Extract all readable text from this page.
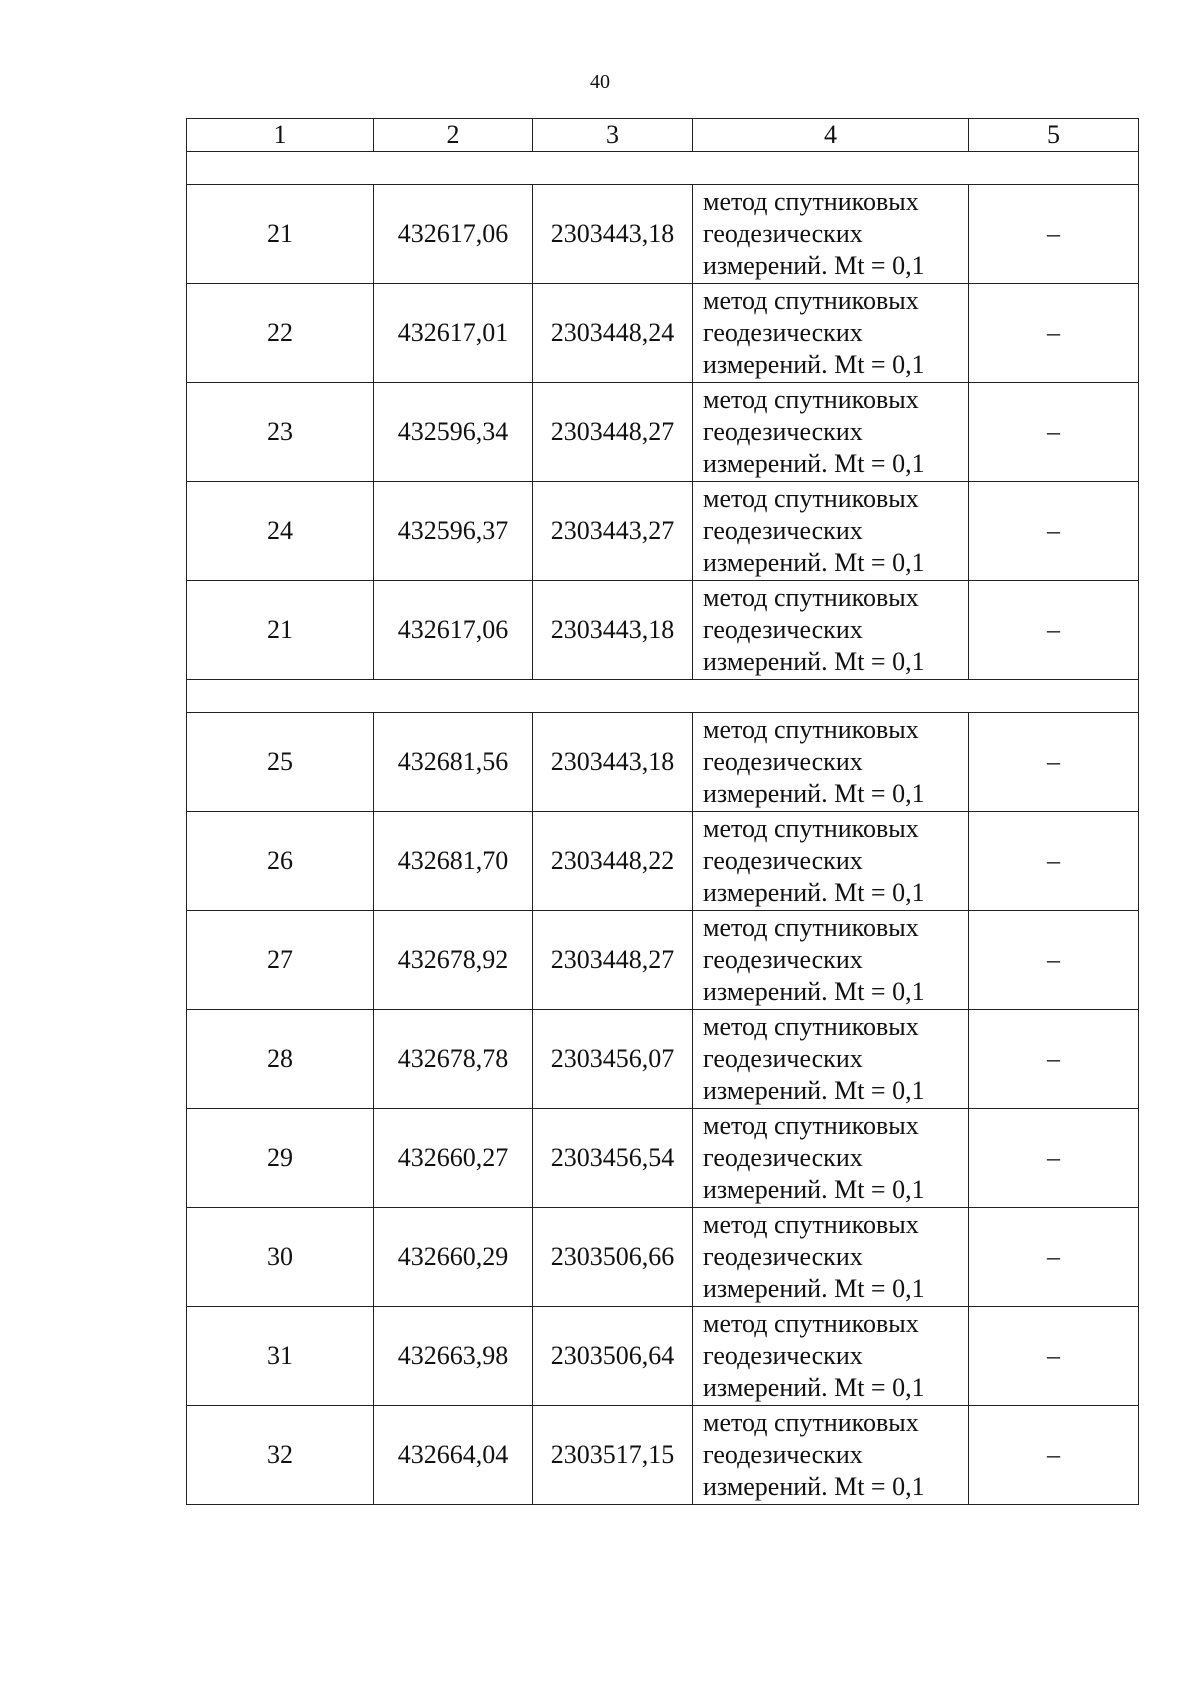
40
1	2	3	4	5

21	432617,06	2303443,18	метод спутниковых
геодезических
измерений. Mt = 0,1	–
22	432617,01	2303448,24	метод спутниковых
геодезических
измерений. Mt = 0,1	–
23	432596,34	2303448,27	метод спутниковых
геодезических
измерений. Mt = 0,1	–
24	432596,37	2303443,27	метод спутниковых
геодезических
измерений. Mt = 0,1	–
21	432617,06	2303443,18	метод спутниковых
геодезических
измерений. Mt = 0,1	–

25	432681,56	2303443,18	метод спутниковых
геодезических
измерений. Mt = 0,1	–
26	432681,70	2303448,22	метод спутниковых
геодезических
измерений. Mt = 0,1	–
27	432678,92	2303448,27	метод спутниковых
геодезических
измерений. Mt = 0,1	–
28	432678,78	2303456,07	метод спутниковых
геодезических
измерений. Mt = 0,1	–
29	432660,27	2303456,54	метод спутниковых
геодезических
измерений. Mt = 0,1	–
30	432660,29	2303506,66	метод спутниковых
геодезических
измерений. Mt = 0,1	–
31	432663,98	2303506,64	метод спутниковых
геодезических
измерений. Mt = 0,1	–
32	432664,04	2303517,15	метод спутниковых
геодезических
измерений. Mt = 0,1	–
